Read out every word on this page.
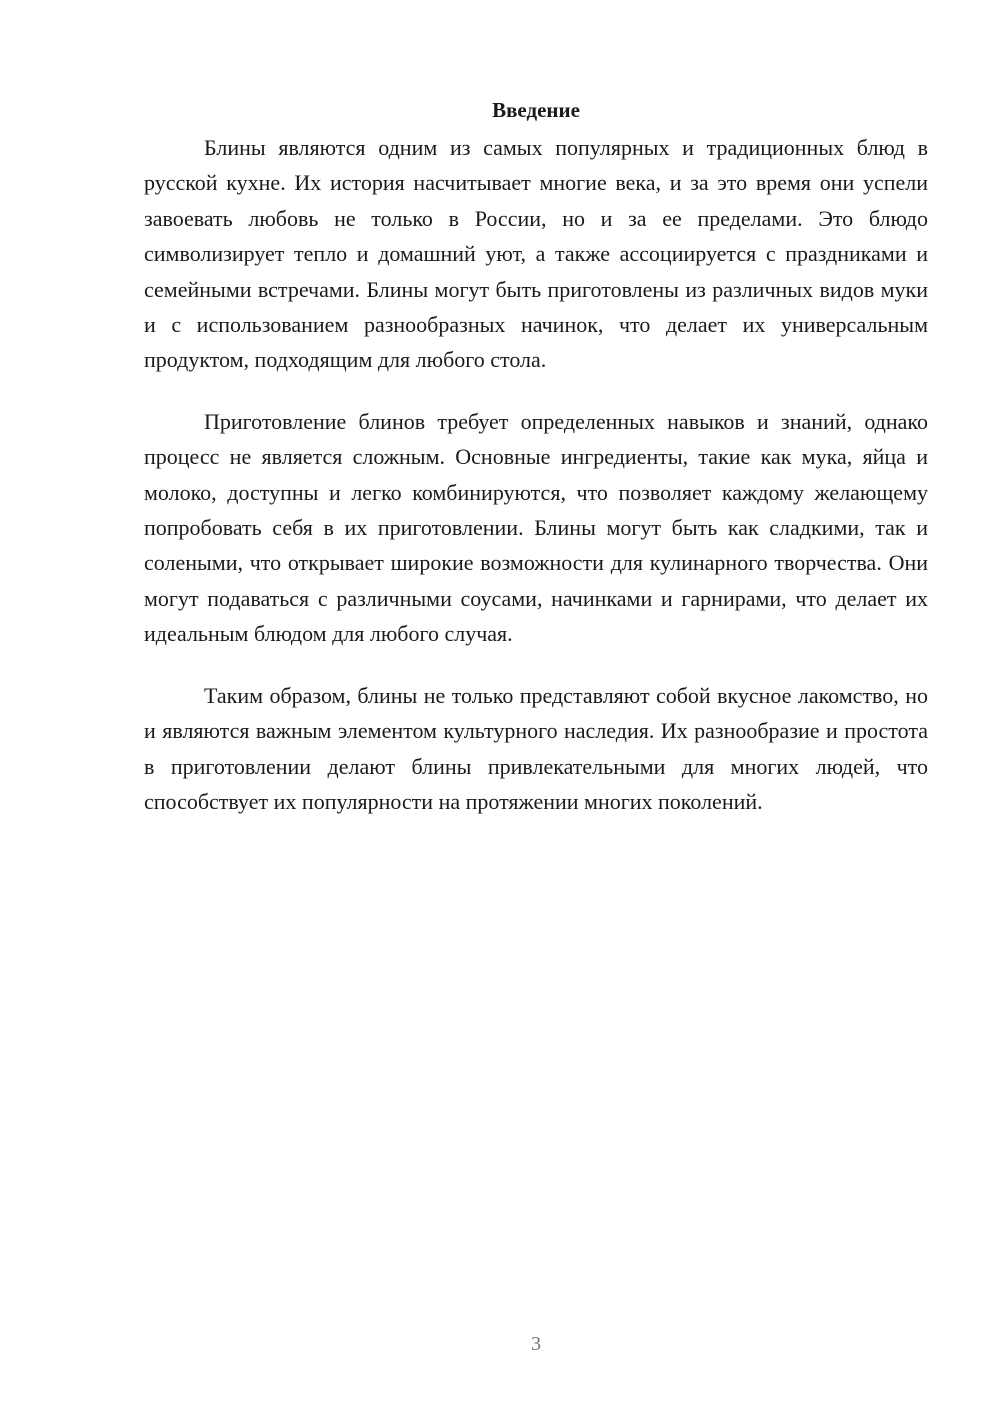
Введение

Блины являются одним из самых популярных и традиционных блюд в русской кухне. Их история насчитывает многие века, и за это время они успели завоевать любовь не только в России, но и за ее пределами. Это блюдо символизирует тепло и домашний уют, а также ассоциируется с праздниками и семейными встречами. Блины могут быть приготовлены из различных видов муки и с использованием разнообразных начинок, что делает их универсальным продуктом, подходящим для любого стола.

Приготовление блинов требует определенных навыков и знаний, однако процесс не является сложным. Основные ингредиенты, такие как мука, яйца и молоко, доступны и легко комбинируются, что позволяет каждому желающему попробовать себя в их приготовлении. Блины могут быть как сладкими, так и солеными, что открывает широкие возможности для кулинарного творчества. Они могут подаваться с различными соусами, начинками и гарнирами, что делает их идеальным блюдом для любого случая.

Таким образом, блины не только представляют собой вкусное лакомство, но и являются важным элементом культурного наследия. Их разнообразие и простота в приготовлении делают блины привлекательными для многих людей, что способствует их популярности на протяжении многих поколений.

3
